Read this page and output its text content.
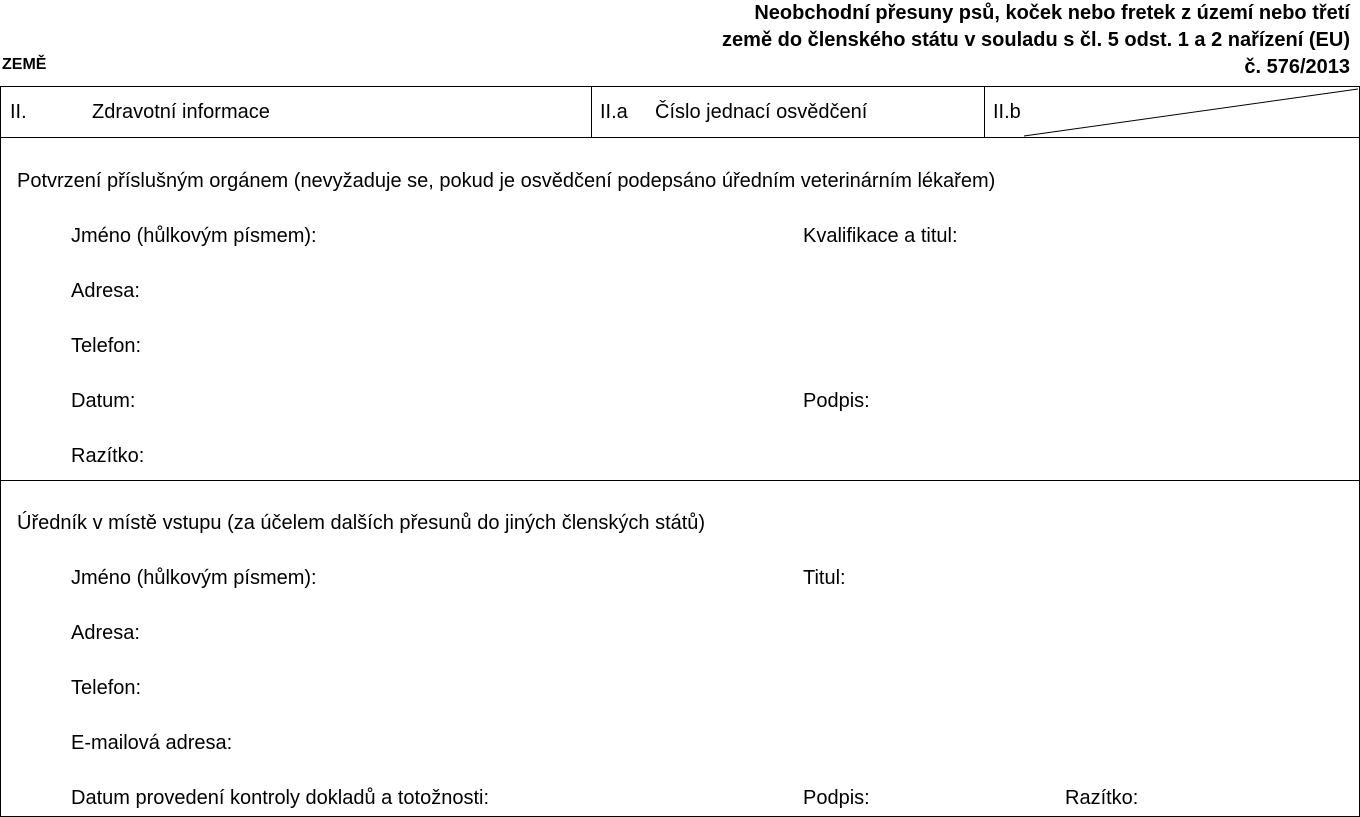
Neobchodní přesuny psů, koček nebo fretek z území nebo třetí
země do členského státu v souladu s čl. 5 odst. 1 a 2 nařízení (EU)
č. 576/2013
ZEMĚ
II.	Zdravotní informace	II.a Číslo jednací osvědčení	II.b
Potvrzení příslušným orgánem (nevyžaduje se, pokud je osvědčení podepsáno úředním veterinárním lékařem)
Jméno (hůlkovým písmem):	Kvalifikace a titul:
Adresa:
Telefon:
Datum:	Podpis:
Razítko:
Úředník v místě vstupu (za účelem dalších přesunů do jiných členských států)
Jméno (hůlkovým písmem):	Titul:
Adresa:
Telefon:
E-mailová adresa:
Datum provedení kontroly dokladů a totožnosti:	Podpis:	Razítko:
